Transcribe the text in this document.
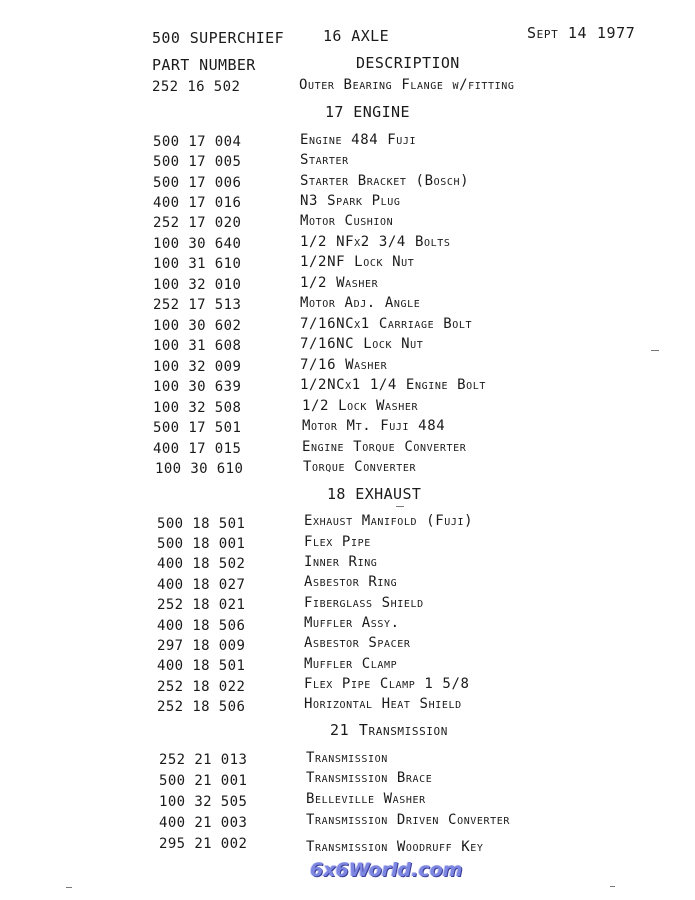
500 SUPERCHIEF	16 AXLE	Sept 14 1977
PART NUMBER	DESCRIPTION
252 16 502	Outer Bearing Flange w/fitting
17 ENGINE
500 17 004	Engine 484 Fuji
500 17 005	Starter
500 17 006	Starter Bracket (Bosch)
400 17 016	N3 Spark Plug
252 17 020	Motor Cushion
100 30 640	1/2 NFx2 3/4 Bolts
100 31 610	1/2NF Lock Nut
100 32 010	1/2 Washer
252 17 513	Motor Adj. Angle
100 30 602	7/16NCx1 Carriage Bolt
100 31 608	7/16NC Lock Nut
100 32 009	7/16 Washer
100 30 639	1/2NCx1 1/4 Engine Bolt
100 32 508	1/2 Lock Washer
500 17 501	Motor Mt. Fuji 484
400 17 015	Engine Torque Converter
100 30 610	Torque Converter
18 EXHAUST
500 18 501	Exhaust Manifold (Fuji)
500 18 001	Flex Pipe
400 18 502	Inner Ring
400 18 027	Asbestor Ring
252 18 021	Fiberglass Shield
400 18 506	Muffler Assy.
297 18 009	Asbestor Spacer
400 18 501	Muffler Clamp
252 18 022	Flex Pipe Clamp 1 5/8
252 18 506	Horizontal Heat Shield
21 Transmission
252 21 013	Transmission
500 21 001	Transmission Brace
100 32 505	Belleville Washer
400 21 003	Transmission Driven Converter
295 21 002	Transmission Woodruff Key
6x6World.com
